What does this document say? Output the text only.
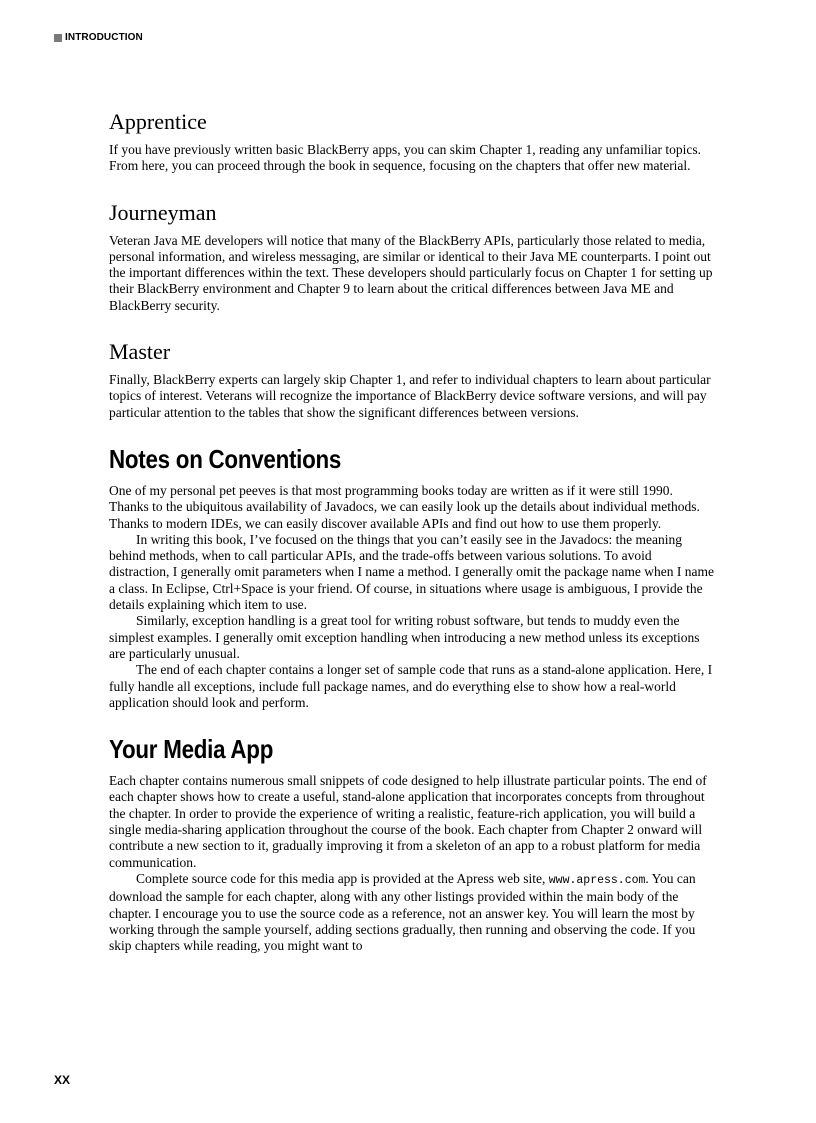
INTRODUCTION
Apprentice

If you have previously written basic BlackBerry apps, you can skim Chapter 1, reading any unfamiliar topics. From here, you can proceed through the book in sequence, focusing on the chapters that offer new material.

Journeyman

Veteran Java ME developers will notice that many of the BlackBerry APIs, particularly those related to media, personal information, and wireless messaging, are similar or identical to their Java ME counterparts. I point out the important differences within the text. These developers should particularly focus on Chapter 1 for setting up their BlackBerry environment and Chapter 9 to learn about the critical differences between Java ME and BlackBerry security.

Master

Finally, BlackBerry experts can largely skip Chapter 1, and refer to individual chapters to learn about particular topics of interest. Veterans will recognize the importance of BlackBerry device software versions, and will pay particular attention to the tables that show the significant differences between versions.

Notes on Conventions

One of my personal pet peeves is that most programming books today are written as if it were still 1990. Thanks to the ubiquitous availability of Javadocs, we can easily look up the details about individual methods. Thanks to modern IDEs, we can easily discover available APIs and find out how to use them properly.

In writing this book, I’ve focused on the things that you can’t easily see in the Javadocs: the meaning behind methods, when to call particular APIs, and the trade-offs between various solutions. To avoid distraction, I generally omit parameters when I name a method. I generally omit the package name when I name a class. In Eclipse, Ctrl+Space is your friend. Of course, in situations where usage is ambiguous, I provide the details explaining which item to use.

Similarly, exception handling is a great tool for writing robust software, but tends to muddy even the simplest examples. I generally omit exception handling when introducing a new method unless its exceptions are particularly unusual.

The end of each chapter contains a longer set of sample code that runs as a stand-alone application. Here, I fully handle all exceptions, include full package names, and do everything else to show how a real-world application should look and perform.

Your Media App

Each chapter contains numerous small snippets of code designed to help illustrate particular points. The end of each chapter shows how to create a useful, stand-alone application that incorporates concepts from throughout the chapter. In order to provide the experience of writing a realistic, feature-rich application, you will build a single media-sharing application throughout the course of the book. Each chapter from Chapter 2 onward will contribute a new section to it, gradually improving it from a skeleton of an app to a robust platform for media communication.

Complete source code for this media app is provided at the Apress web site, www.apress.com. You can download the sample for each chapter, along with any other listings provided within the main body of the chapter. I encourage you to use the source code as a reference, not an answer key. You will learn the most by working through the sample yourself, adding sections gradually, then running and observing the code. If you skip chapters while reading, you might want to

XX
